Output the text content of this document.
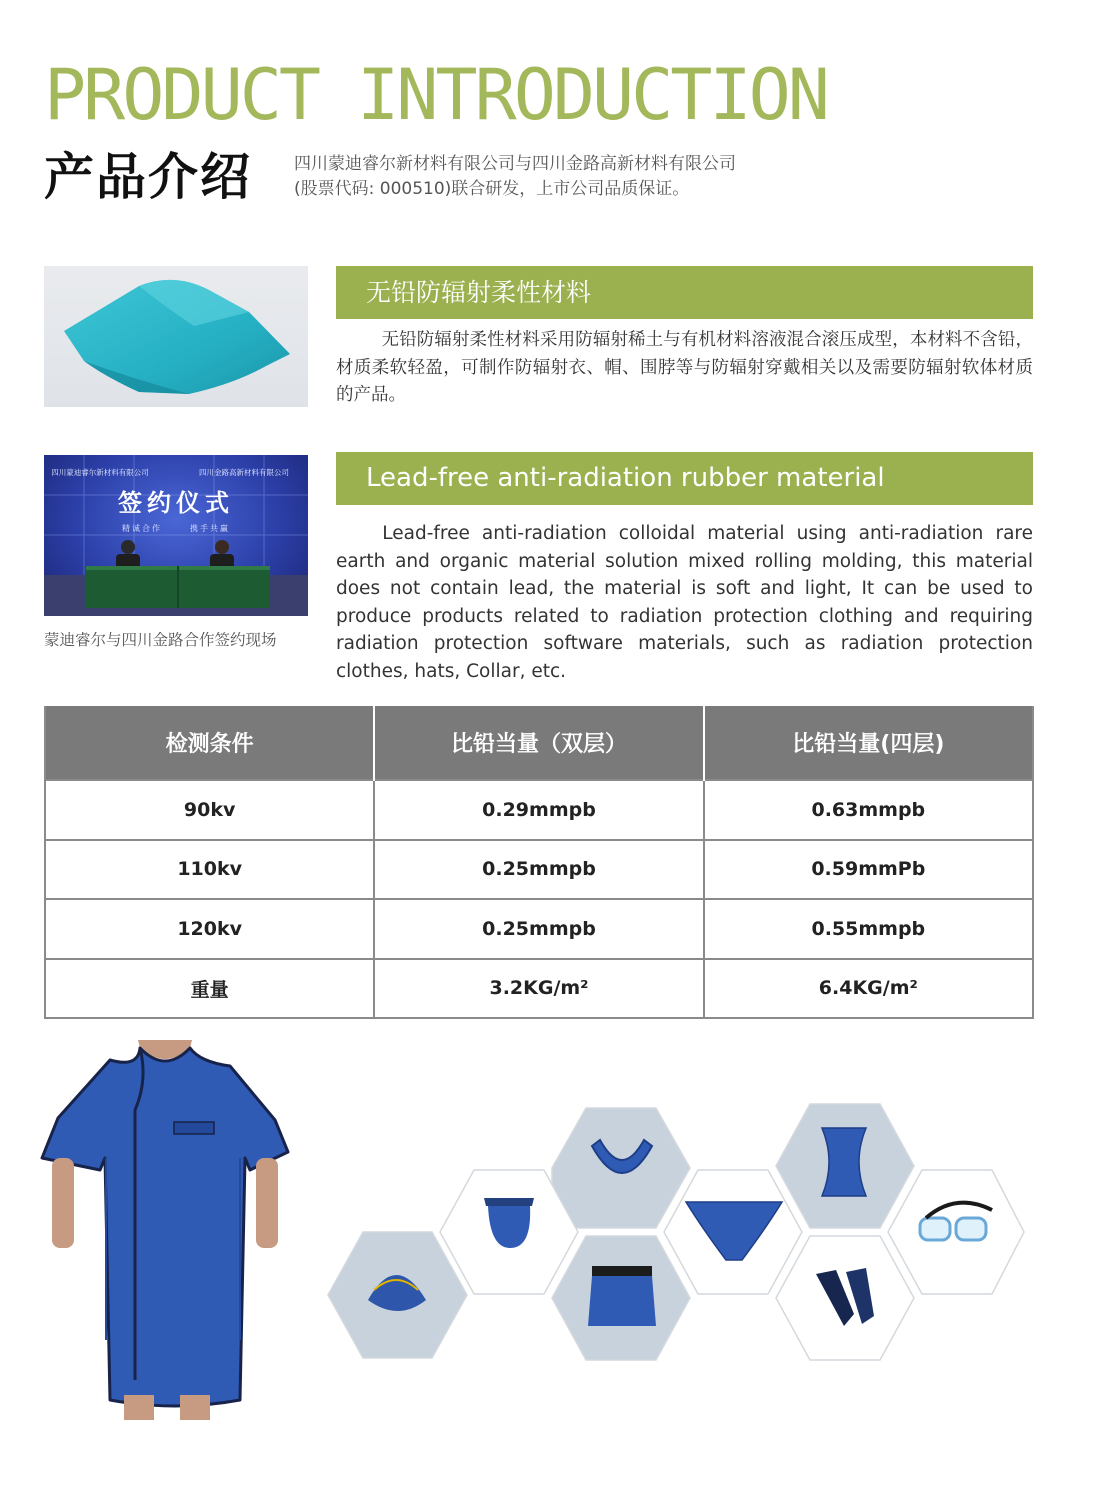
PRODUCT INTRODUCTION
产品介绍 四川蒙迪睿尔新材料有限公司与四川金路高新材料有限公司
(股票代码: 000510)联合研发，上市公司品质保证。
四川蒙迪睿尔新材料有限公司	四川金路高新材料有限公司
签约仪式
精诚合作	携手共赢
蒙迪睿尔与四川金路合作签约现场
无铅防辐射柔性材料
无铅防辐射柔性材料采用防辐射稀土与有机材料溶液混合滚压成型，本材料不含铅，材质柔软轻盈，可制作防辐射衣、帽、围脖等与防辐射穿戴相关以及需要防辐射软体材质的产品。
Lead-free anti-radiation rubber material
Lead-free anti-radiation colloidal material using anti-radiation rare earth and organic material solution mixed rolling molding, this material does not contain lead, the material is soft and light, It can be used to produce products related to radiation protection clothing and requiring radiation protection software materials, such as radiation protection clothes, hats, Collar, etc.
检测条件	比铅当量（双层）	比铅当量(四层)
90kv	0.29mmpb	0.63mmpb
110kv	0.25mmpb	0.59mmPb
120kv	0.25mmpb	0.55mmpb
重量	3.2KG/m²	6.4KG/m²
